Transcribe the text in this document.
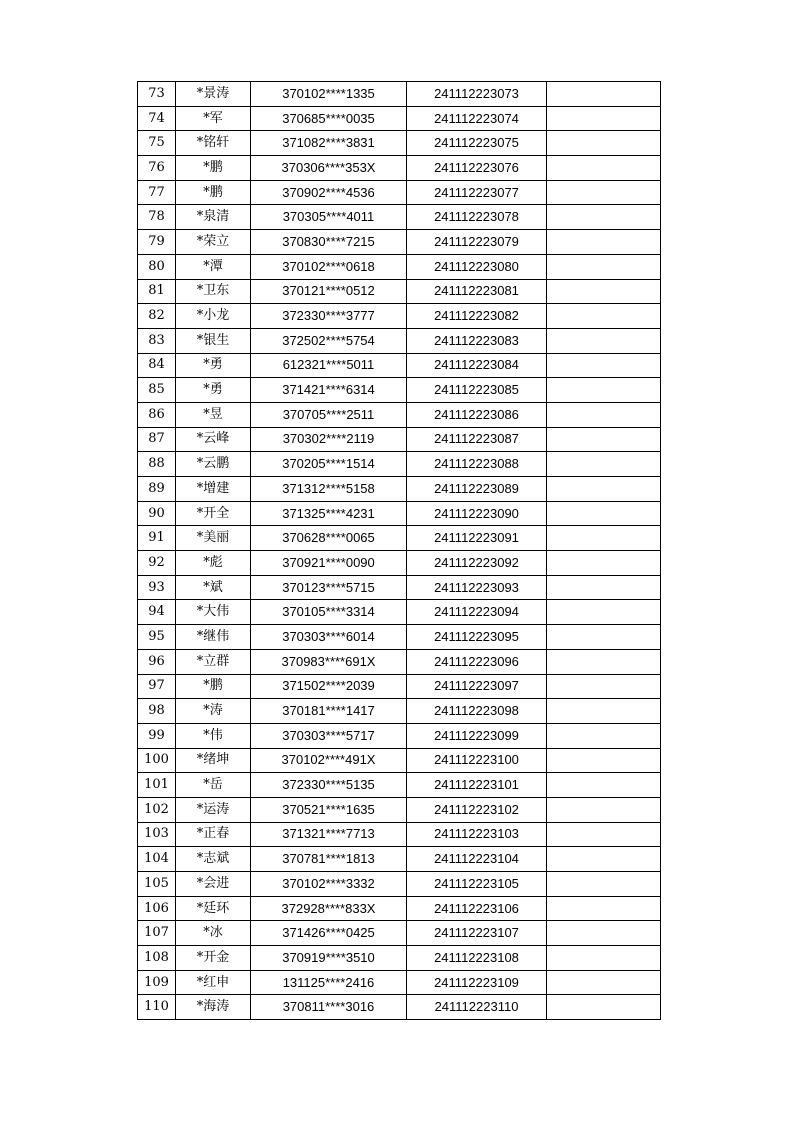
73	*景涛	370102****1335	241112223073	
74	*军	370685****0035	241112223074	
75	*铭轩	371082****3831	241112223075	
76	*鹏	370306****353X	241112223076	
77	*鹏	370902****4536	241112223077	
78	*泉清	370305****4011	241112223078	
79	*荣立	370830****7215	241112223079	
80	*潭	370102****0618	241112223080	
81	*卫东	370121****0512	241112223081	
82	*小龙	372330****3777	241112223082	
83	*银生	372502****5754	241112223083	
84	*勇	612321****5011	241112223084	
85	*勇	371421****6314	241112223085	
86	*昱	370705****2511	241112223086	
87	*云峰	370302****2119	241112223087	
88	*云鹏	370205****1514	241112223088	
89	*增建	371312****5158	241112223089	
90	*开全	371325****4231	241112223090	
91	*美丽	370628****0065	241112223091	
92	*彪	370921****0090	241112223092	
93	*斌	370123****5715	241112223093	
94	*大伟	370105****3314	241112223094	
95	*继伟	370303****6014	241112223095	
96	*立群	370983****691X	241112223096	
97	*鹏	371502****2039	241112223097	
98	*涛	370181****1417	241112223098	
99	*伟	370303****5717	241112223099	
100	*绪坤	370102****491X	241112223100	
101	*岳	372330****5135	241112223101	
102	*运涛	370521****1635	241112223102	
103	*正春	371321****7713	241112223103	
104	*志斌	370781****1813	241112223104	
105	*会进	370102****3332	241112223105	
106	*廷环	372928****833X	241112223106	
107	*冰	371426****0425	241112223107	
108	*开金	370919****3510	241112223108	
109	*红申	131125****2416	241112223109	
110	*海涛	370811****3016	241112223110	
